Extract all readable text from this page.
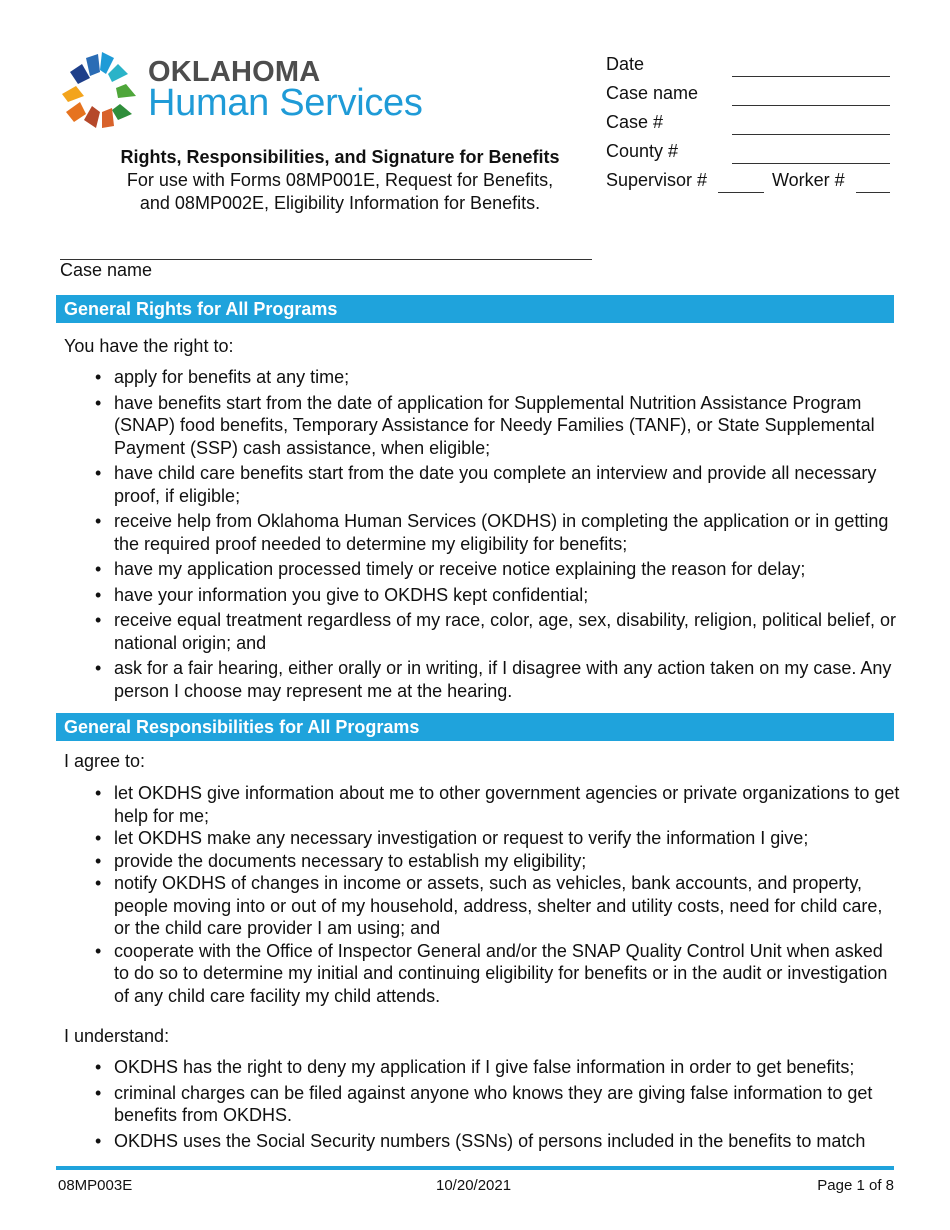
OKLAHOMA
Human Services
Rights, Responsibilities, and Signature for Benefits
For use with Forms 08MP001E, Request for Benefits,
and 08MP002E, Eligibility Information for Benefits.
Date
Case name
Case #
County #
Supervisor #	Worker #
Case name
General Rights for All Programs
You have the right to:
• apply for benefits at any time;
• have benefits start from the date of application for Supplemental Nutrition Assistance Program (SNAP) food benefits, Temporary Assistance for Needy Families (TANF), or State Supplemental Payment (SSP) cash assistance, when eligible;
• have child care benefits start from the date you complete an interview and provide all necessary proof, if eligible;
• receive help from Oklahoma Human Services (OKDHS) in completing the application or in getting the required proof needed to determine my eligibility for benefits;
• have my application processed timely or receive notice explaining the reason for delay;
• have your information you give to OKDHS kept confidential;
• receive equal treatment regardless of my race, color, age, sex, disability, religion, political belief, or national origin; and
• ask for a fair hearing, either orally or in writing, if I disagree with any action taken on my case. Any person I choose may represent me at the hearing.
General Responsibilities for All Programs
I agree to:
• let OKDHS give information about me to other government agencies or private organizations to get help for me;
• let OKDHS make any necessary investigation or request to verify the information I give;
• provide the documents necessary to establish my eligibility;
• notify OKDHS of changes in income or assets, such as vehicles, bank accounts, and property, people moving into or out of my household, address, shelter and utility costs, need for child care, or the child care provider I am using; and
• cooperate with the Office of Inspector General and/or the SNAP Quality Control Unit when asked to do so to determine my initial and continuing eligibility for benefits or in the audit or investigation of any child care facility my child attends.
I understand:
• OKDHS has the right to deny my application if I give false information in order to get benefits;
• criminal charges can be filed against anyone who knows they are giving false information to get benefits from OKDHS.
• OKDHS uses the Social Security numbers (SSNs) of persons included in the benefits to match
08MP003E	10/20/2021	Page 1 of 8
